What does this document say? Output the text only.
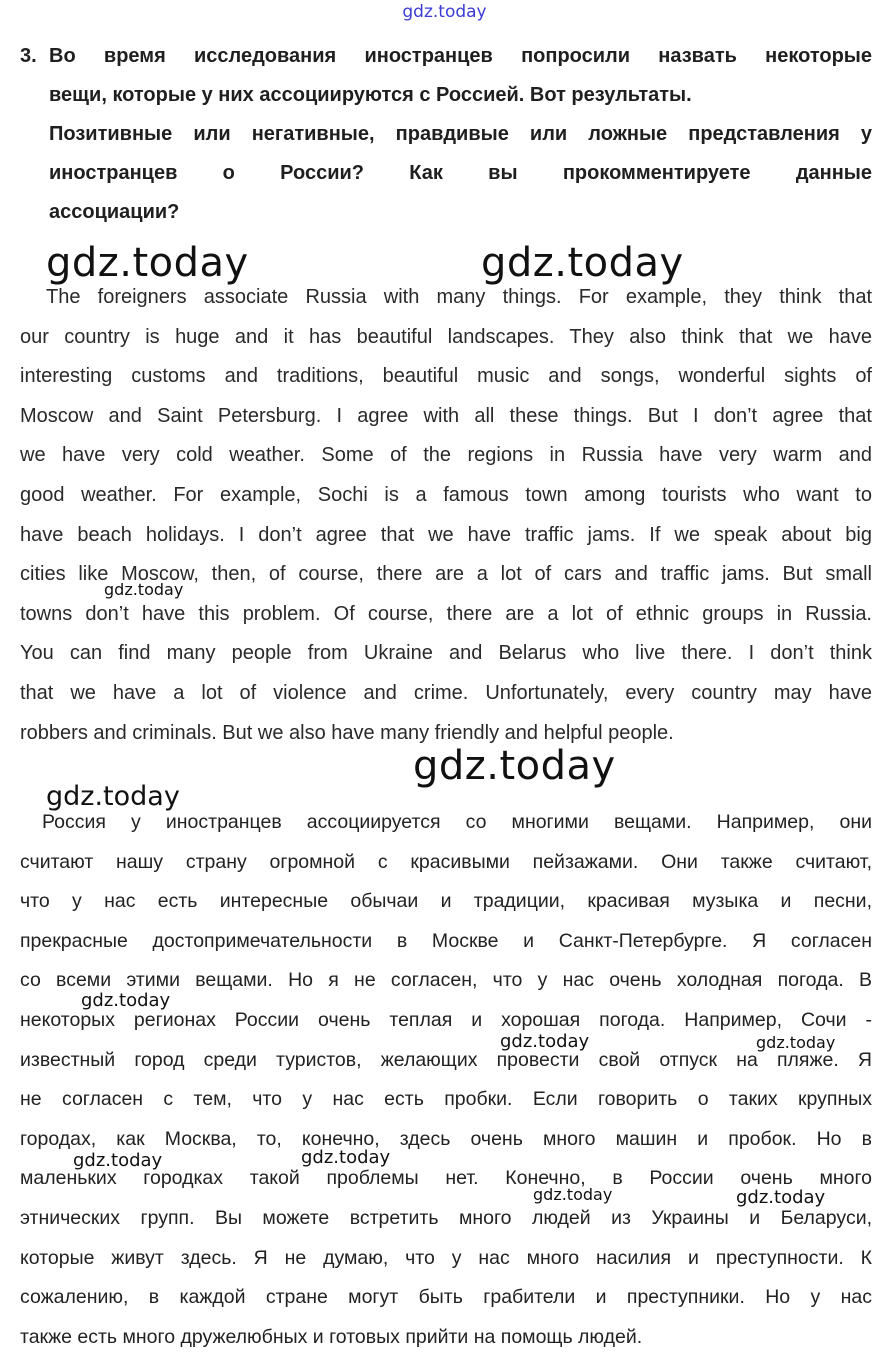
gdz.today
3. Во время исследования иностранцев попросили назвать некоторые
вещи, которые у них ассоциируются с Россией. Вот результаты.
Позитивные или негативные, правдивые или ложные представления у
иностранцев о России? Как вы прокомментируете данные
ассоциации?
gdz.today	gdz.today
The foreigners associate Russia with many things. For example, they think that
our country is huge and it has beautiful landscapes. They also think that we have
interesting customs and traditions, beautiful music and songs, wonderful sights of
Moscow and Saint Petersburg. I agree with all these things. But I don’t agree that
we have very cold weather. Some of the regions in Russia have very warm and
good weather. For example, Sochi is a famous town among tourists who want to
have beach holidays. I don’t agree that we have traffic jams. If we speak about big
cities like Moscow, then, of course, there are a lot of cars and traffic jams. But small
towns don’t have this problem. Of course, there are a lot of ethnic groups in Russia.
You can find many people from Ukraine and Belarus who live there. I don’t think
that we have a lot of violence and crime. Unfortunately, every country may have
robbers and criminals. But we also have many friendly and helpful people.
gdz.today
gdz.today
gdz.today
Россия у иностранцев ассоциируется со многими вещами. Например, они
считают нашу страну огромной с красивыми пейзажами. Они также считают,
что у нас есть интересные обычаи и традиции, красивая музыка и песни,
прекрасные достопримечательности в Москве и Санкт-Петербурге. Я согласен
со всеми этими вещами. Но я не согласен, что у нас очень холодная погода. В
некоторых регионах России очень теплая и хорошая погода. Например, Сочи -
известный город среди туристов, желающих провести свой отпуск на пляже. Я
не согласен с тем, что у нас есть пробки. Если говорить о таких крупных
городах, как Москва, то, конечно, здесь очень много машин и пробок. Но в
маленьких городках такой проблемы нет. Конечно, в России очень много
этнических групп. Вы можете встретить много людей из Украины и Беларуси,
которые живут здесь. Я не думаю, что у нас много насилия и преступности. К
сожалению, в каждой стране могут быть грабители и преступники. Но у нас
также есть много дружелюбных и готовых прийти на помощь людей.
gdz.today
gdz.today	gdz.today
gdz.today	gdz.today
gdz.today	gdz.today
